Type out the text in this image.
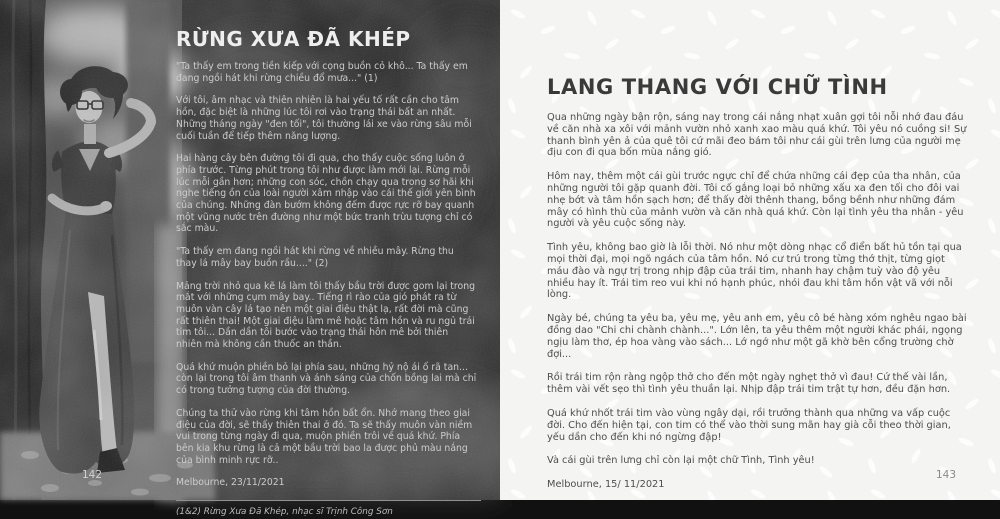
RỪNG XƯA ĐÃ KHÉP

"Ta thấy em trong tiền kiếp với cọng buồn cỏ khô... Ta thấy em đang ngồi hát khi rừng chiều đổ mưa..." (1)

Với tôi, âm nhạc và thiên nhiên là hai yếu tố rất cần cho tâm hồn, đặc biệt là những lúc tôi rơi vào trạng thái bất an nhất. Những tháng ngày "đen tối", tôi thường lái xe vào rừng sâu mỗi cuối tuần để tiếp thêm năng lượng.

Hai hàng cây bên đường tôi đi qua, cho thấy cuộc sống luôn ở phía trước. Từng phút trong tôi như được làm mới lại. Rừng mỗi lúc mỗi gần hơn; những con sóc, chồn chạy qua trong sợ hãi khi nghe tiếng ồn của loài người xâm nhập vào cái thế giới yên bình của chúng. Những đàn bướm không đếm được rực rỡ bay quanh một vũng nước trên đường như một bức tranh trừu tượng chỉ có sắc màu.

"Ta thấy em đang ngồi hát khi rừng về nhiều mây. Rừng thu thay lá mây bay buồn rầu...." (2)

Mảng trời nhỏ qua kẽ lá làm tôi thấy bầu trời được gom lại trong mắt với những cụm mây bay.. Tiếng rì rào của gió phát ra từ muôn vàn cây lá tạo nên một giai điệu thật lạ, rất đời mà cũng rất thiên thai! Một giai điệu làm mê hoặc tâm hồn và ru ngủ trái tim tôi... Dần dần tôi bước vào trạng thái hôn mê bởi thiên nhiên mà không cần thuốc an thần.

Quá khứ muộn phiền bỏ lại phía sau, những hỷ nộ ái ố rã tan... còn lại trong tôi âm thanh và ánh sáng của chốn bồng lai mà chỉ có trong tưởng tượng của đời thường.

Chúng ta thử vào rừng khi tâm hồn bất ổn. Nhớ mang theo giai điệu của đời, sẽ thấy thiên thai ở đó. Ta sẽ thấy muôn vàn niềm vui trong từng ngày đi qua, muộn phiền trôi về quá khứ. Phía bên kia khu rừng là cả một bầu trời bao la được phủ màu nắng của bình minh rực rỡ..

Melbourne, 23/11/2021

(1&2) Rừng Xưa Đã Khép, nhạc sĩ Trịnh Công Sơn

142
LANG THANG VỚI CHỮ TÌNH

Qua những ngày bận rộn, sáng nay trong cái nắng nhạt xuân gợi tôi nỗi nhớ đau đáu về căn nhà xa xôi với mảnh vườn nhỏ xanh xao màu quá khứ. Tôi yêu nó cuồng si! Sự thanh bình yên ả của quê tôi cứ mãi đeo bám tôi như cái gùi trên lưng của người mẹ địu con đi qua bốn mùa nắng gió.

Hôm nay, thêm một cái gùi trước ngực chỉ để chứa những cái đẹp của tha nhân, của những người tôi gặp quanh đời. Tôi cố gắng loại bỏ những xấu xa đen tối cho đôi vai nhẹ bớt và tâm hồn sạch hơn; để thấy đời thênh thang, bồng bềnh như những đám mây có hình thù của mảnh vườn và căn nhà quá khứ. Còn lại tình yêu tha nhân - yêu người và yêu cuộc sống này.

Tình yêu, không bao giờ là lỗi thời. Nó như một dòng nhạc cổ điển bất hủ tồn tại qua mọi thời đại, mọi ngõ ngách của tâm hồn. Nó cư trú trong từng thớ thịt, từng giọt máu đào và ngự trị trong nhịp đập của trái tim, nhanh hay chậm tuỳ vào độ yêu nhiều hay ít. Trái tim reo vui khi nó hạnh phúc, nhói đau khi tâm hồn vật vã với nỗi lòng.

Ngày bé, chúng ta yêu ba, yêu mẹ, yêu anh em, yêu cô bé hàng xóm nghêu ngao bài đồng dao "Chi chi chành chành...". Lớn lên, ta yêu thêm một người khác phái, ngọng ngịu làm thơ, ép hoa vàng vào sách... Lớ ngớ như một gã khờ bên cổng trường chờ đợi...

Rồi trái tim rộn ràng ngộp thở cho đến một ngày nghẹt thở vì đau! Cứ thế vài lần, thêm vài vết sẹo thì tình yêu thuần lại. Nhịp đập trái tim trật tự hơn, đều đặn hơn.

Quá khứ nhốt trái tim vào vùng ngây dại, rồi trưởng thành qua những va vấp cuộc đời. Cho đến hiện tại, con tim có thể vào thời sung mãn hay già cỗi theo thời gian, yếu dần cho đến khi nó ngừng đập!

Và cái gùi trên lưng chỉ còn lại một chữ Tình, Tình yêu!

Melbourne, 15/ 11/2021

143
